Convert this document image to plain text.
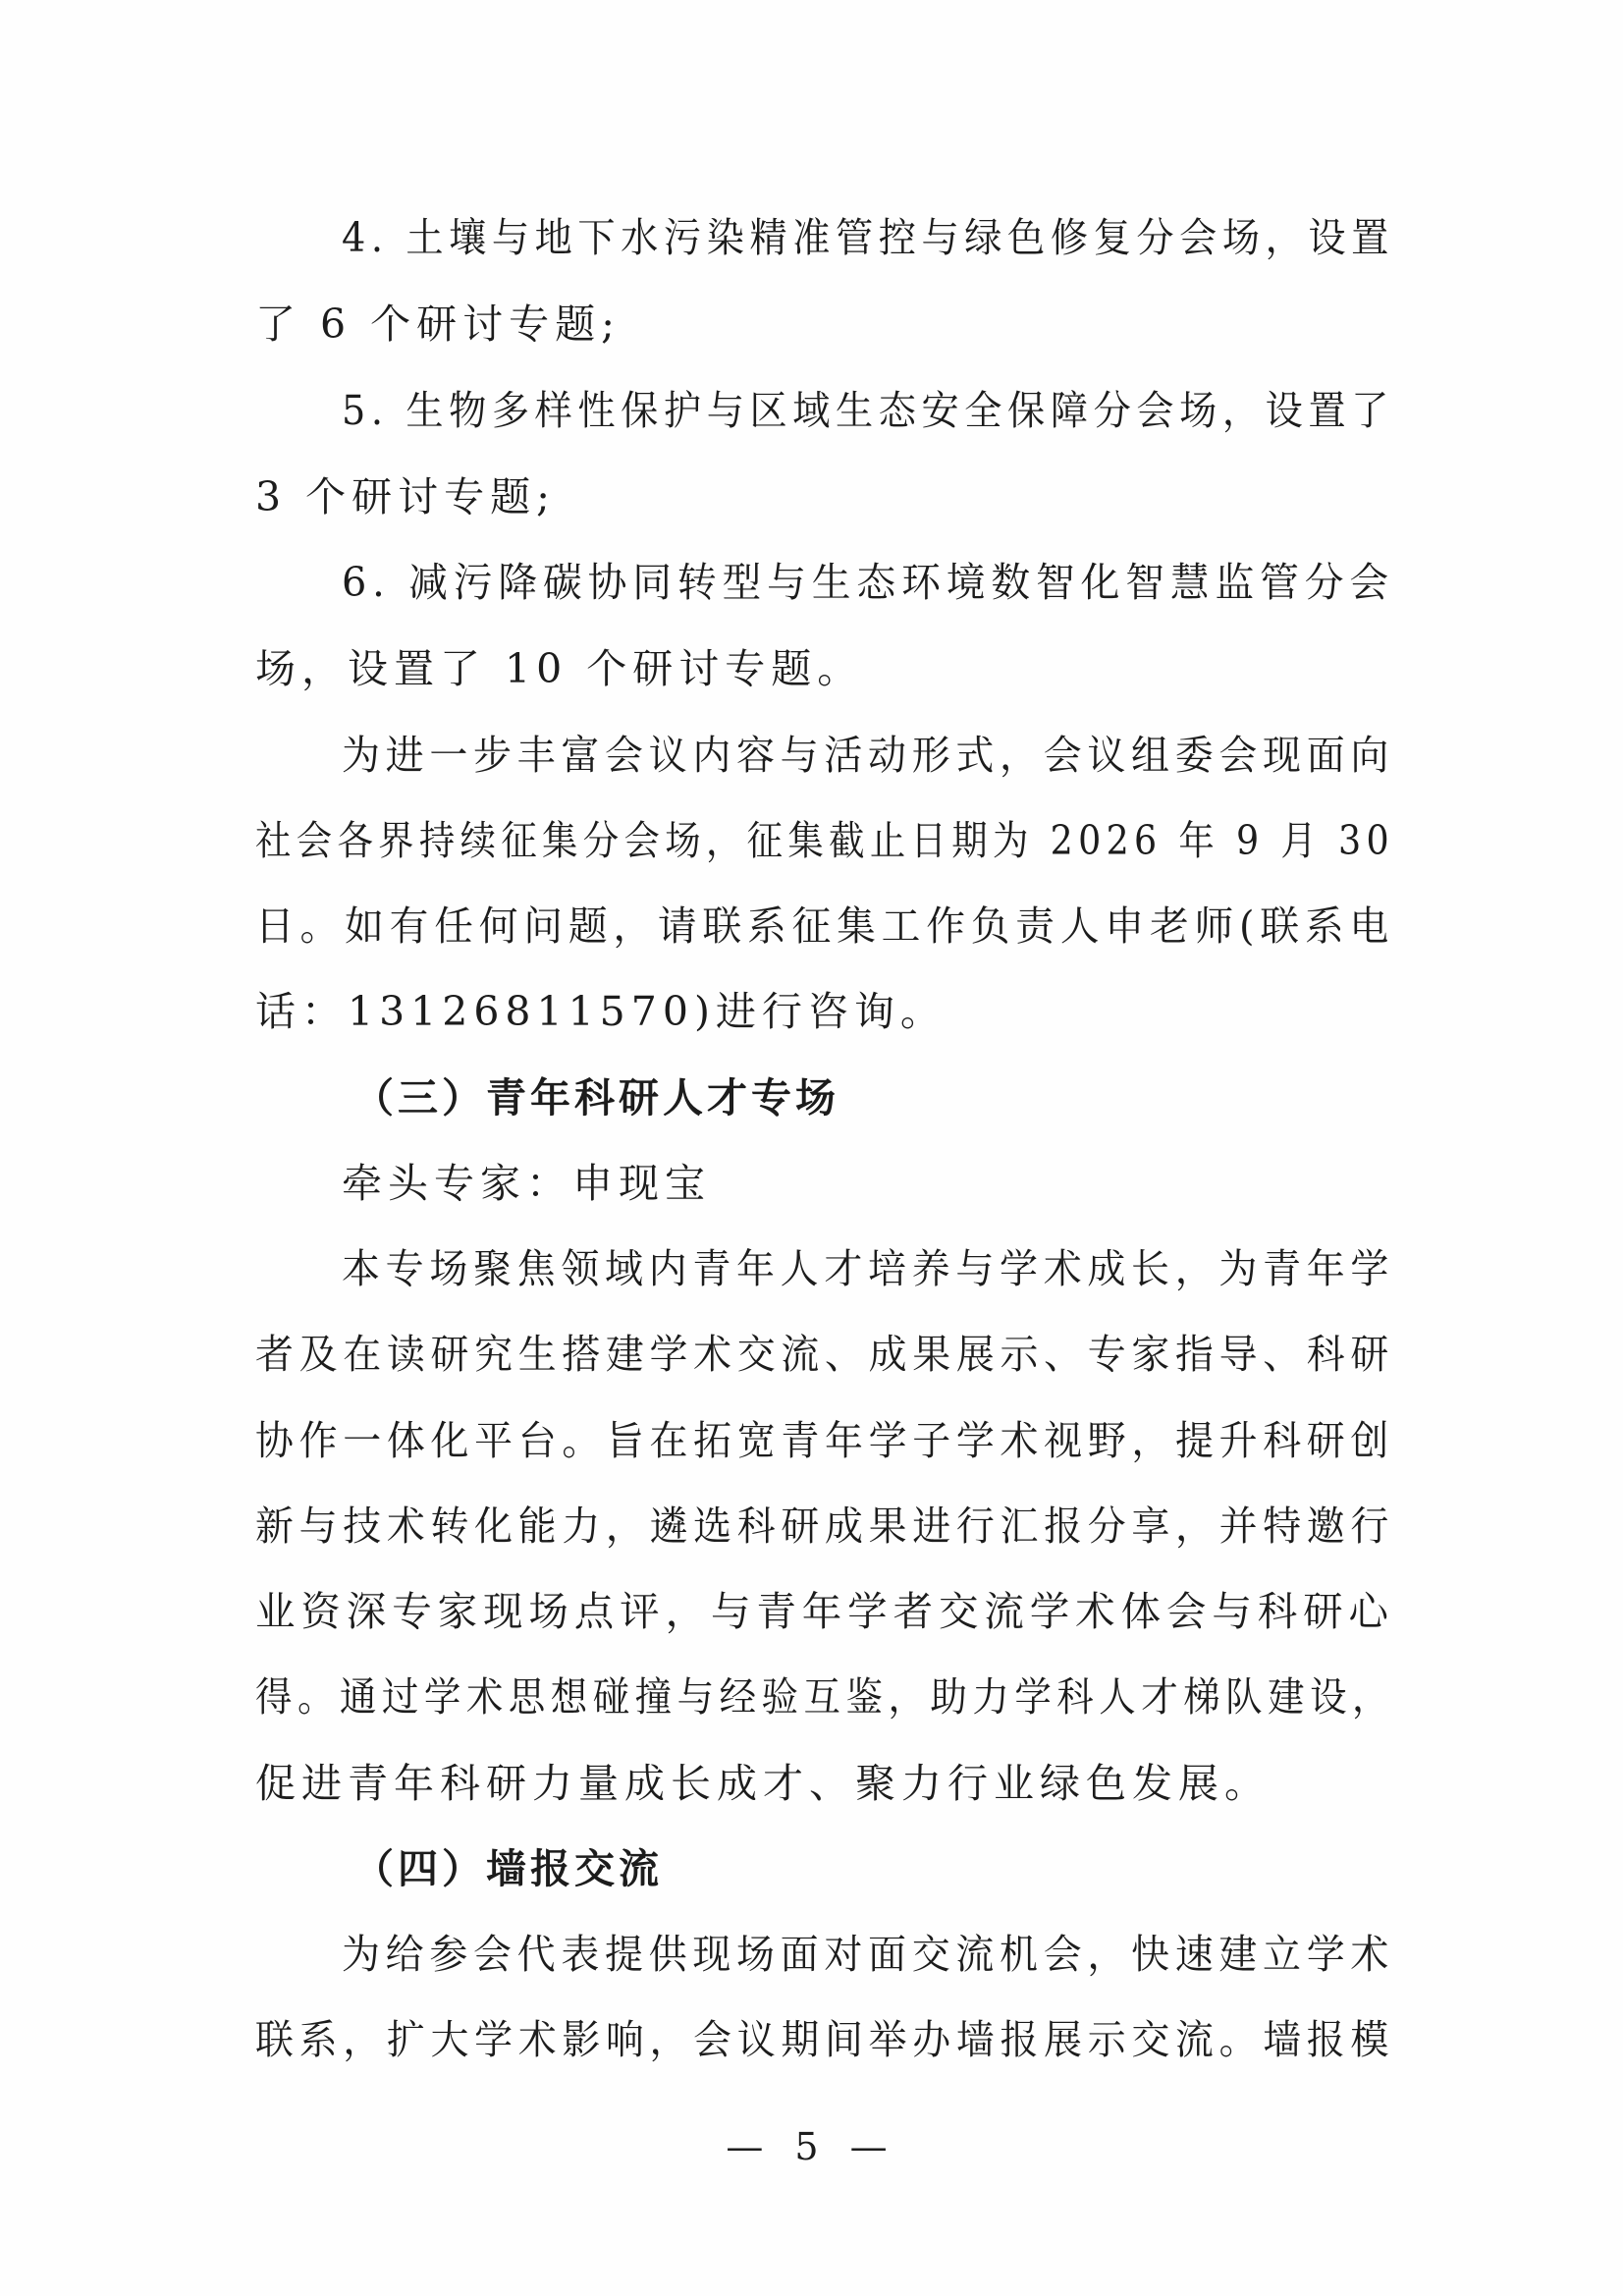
4. 土壤与地下水污染精准管控与绿色修复分会场，设置
了 6 个研讨专题;
5. 生物多样性保护与区域生态安全保障分会场，设置了
3 个研讨专题;
6. 减污降碳协同转型与生态环境数智化智慧监管分会
场，设置了 10 个研讨专题。
为进一步丰富会议内容与活动形式，会议组委会现面向
社会各界持续征集分会场，征集截止日期为 2026 年 9 月 30
日。如有任何问题，请联系征集工作负责人申老师(联系电
话：13126811570)进行咨询。
（三）青年科研人才专场
牵头专家：申现宝
本专场聚焦领域内青年人才培养与学术成长，为青年学
者及在读研究生搭建学术交流、成果展示、专家指导、科研
协作一体化平台。旨在拓宽青年学子学术视野，提升科研创
新与技术转化能力，遴选科研成果进行汇报分享，并特邀行
业资深专家现场点评，与青年学者交流学术体会与科研心
得。通过学术思想碰撞与经验互鉴，助力学科人才梯队建设，
促进青年科研力量成长成才、聚力行业绿色发展。
（四）墙报交流
为给参会代表提供现场面对面交流机会，快速建立学术
联系，扩大学术影响，会议期间举办墙报展示交流。墙报模
— 5 —
